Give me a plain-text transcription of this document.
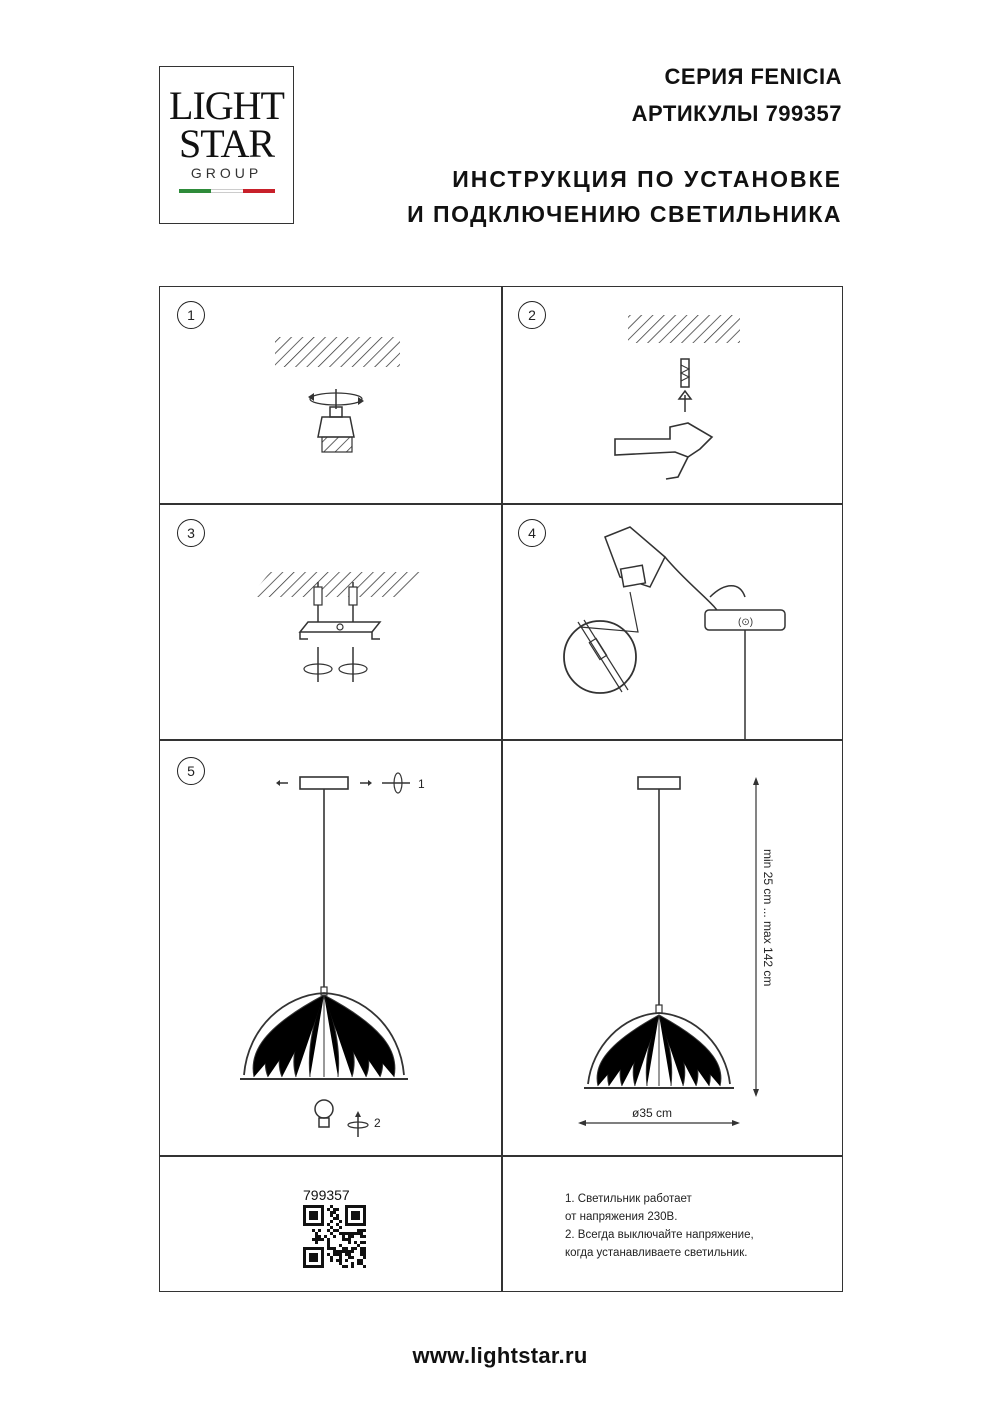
LIGHT
STAR
GROUP
СЕРИЯ FENICIA
АРТИКУЛЫ 799357
ИНСТРУКЦИЯ ПО УСТАНОВКЕ
И ПОДКЛЮЧЕНИЮ СВЕТИЛЬНИКА
1	2
3	4
5
(⊙)
1
2
min 25 cm ... max 142 cm
ø35 cm
799357	1. Светильник работает
от напряжения 230В.
2. Всегда выключайте напряжение,
когда устанавливаете светильник.
www.lightstar.ru
